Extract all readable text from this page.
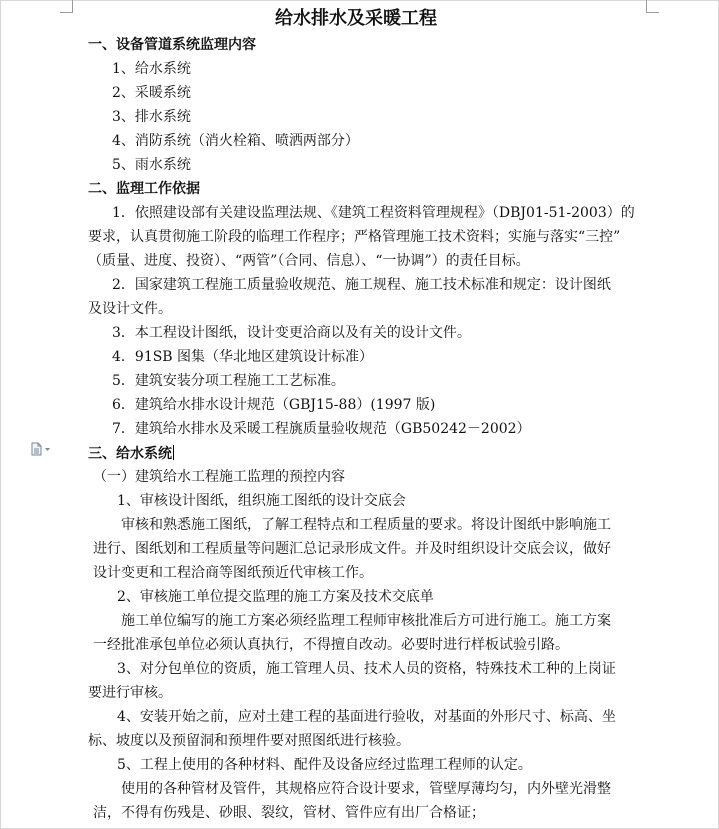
给水排水及采暖工程
一、设备管道系统监理内容
1、给水系统
2、采暖系统
3、排水系统
4、消防系统（消火栓箱、喷洒两部分）
5、雨水系统
二、监理工作依据
1．依照建设部有关建设监理法规、《建筑工程资料管理规程》（DBJ01-51-2003）的
要求，认真贯彻施工阶段的临理工作程序；严格管理施工技术资料；实施与落实“三控”
（质量、进度、投资）、“两管”（合同、信息）、“一协调”）的责任目标。
2．国家建筑工程施工质量验收规范、施工规程、施工技术标准和规定：设计图纸
及设计文件。
3．本工程设计图纸，设计变更洽商以及有关的设计文件。
4．91SB 图集（华北地区建筑设计标准）
5．建筑安装分项工程施工工艺标准。
6．建筑给水排水设计规范（GBJ15-88）(1997 版)
7．建筑给水排水及采暖工程旐质量验收规范（GB50242－2002）
三、给水系统
（一）建筑给水工程施工监理的预控内容
1、审核设计图纸，组织施工图纸的设计交底会
审核和熟悉施工图纸，了解工程特点和工程质量的要求。将设计图纸中影响施工
进行、图纸划和工程质量等问题汇总记录形成文件。并及时组织设计交底会议，做好
设计变更和工程洽商等图纸预近代审核工作。
2、审核施工单位提交监理的施工方案及技术交底单
施工单位编写的施工方案必须经监理工程师审核批准后方可进行施工。施工方案
一经批准承包单位必须认真执行，不得擅自改动。必要时进行样板试验引路。
3、对分包单位的资质，施工管理人员、技术人员的资格，特殊技术工种的上岗证
要进行审核。
4、安装开始之前，应对土建工程的基面进行验收，对基面的外形尺寸、标高、坐
标、坡度以及预留洞和预埋件要对照图纸进行核验。
5、工程上使用的各种材料、配件及设备应经过监理工程师的认定。
使用的各种管材及管件，其规格应符合设计要求，管壁厚薄均匀，内外壁光滑整
洁，不得有伤残是、砂眼、裂纹，管材、管件应有出厂合格证；
